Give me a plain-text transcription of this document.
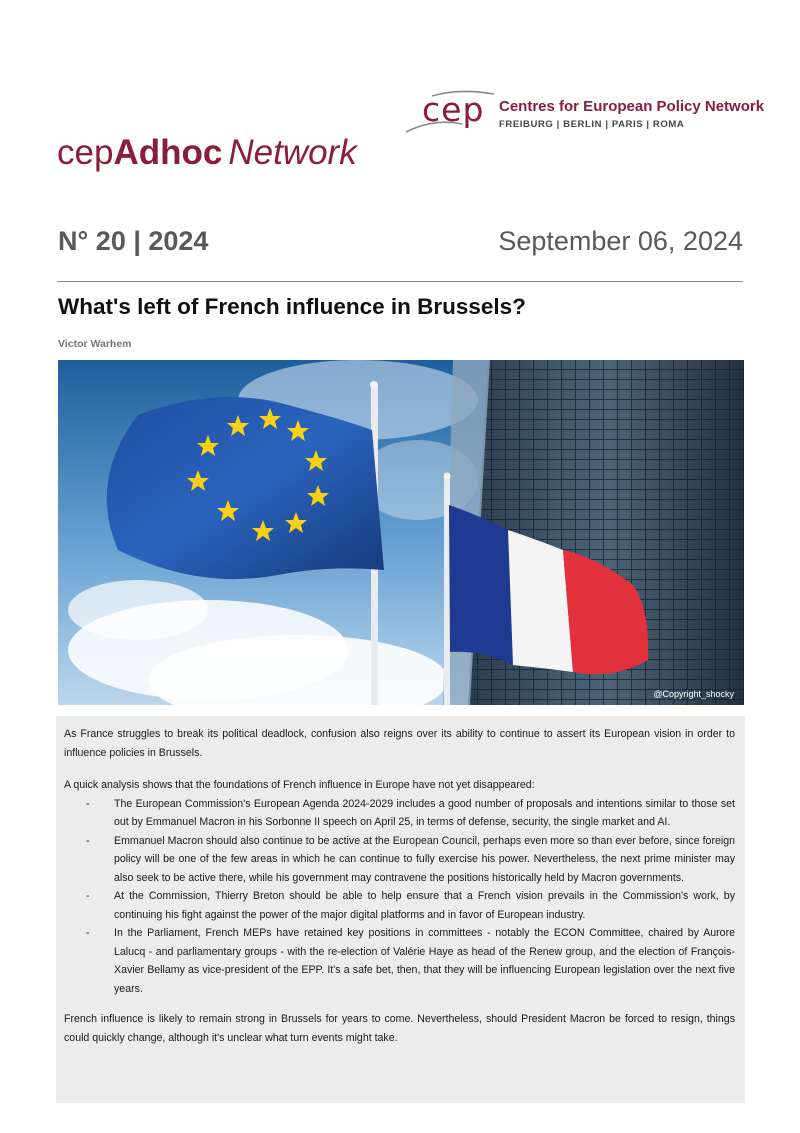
cep Centres for European Policy Network
FREIBURG | BERLIN | PARIS | ROMA
cepAdhoc Network
N° 20 | 2024	September 06, 2024
What's left of French influence in Brussels?
Victor Warhem
@Copyright_shocky

As France struggles to break its political deadlock, confusion also reigns over its ability to continue to assert its European vision in order to influence policies in Brussels.

A quick analysis shows that the foundations of French influence in Europe have not yet disappeared:

- The European Commission's European Agenda 2024-2029 includes a good number of proposals and intentions similar to those set out by Emmanuel Macron in his Sorbonne II speech on April 25, in terms of defense, security, the single market and AI.
- Emmanuel Macron should also continue to be active at the European Council, perhaps even more so than ever before, since foreign policy will be one of the few areas in which he can continue to fully exercise his power. Nevertheless, the next prime minister may also seek to be active there, while his government may contravene the positions historically held by Macron governments.
- At the Commission, Thierry Breton should be able to help ensure that a French vision prevails in the Commission's work, by continuing his fight against the power of the major digital platforms and in favor of European industry.
- In the Parliament, French MEPs have retained key positions in committees - notably the ECON Committee, chaired by Aurore Lalucq - and parliamentary groups - with the re-election of Valérie Haye as head of the Renew group, and the election of François-Xavier Bellamy as vice-president of the EPP. It's a safe bet, then, that they will be influencing European legislation over the next five years.

French influence is likely to remain strong in Brussels for years to come. Nevertheless, should President Macron be forced to resign, things could quickly change, although it's unclear what turn events might take.
